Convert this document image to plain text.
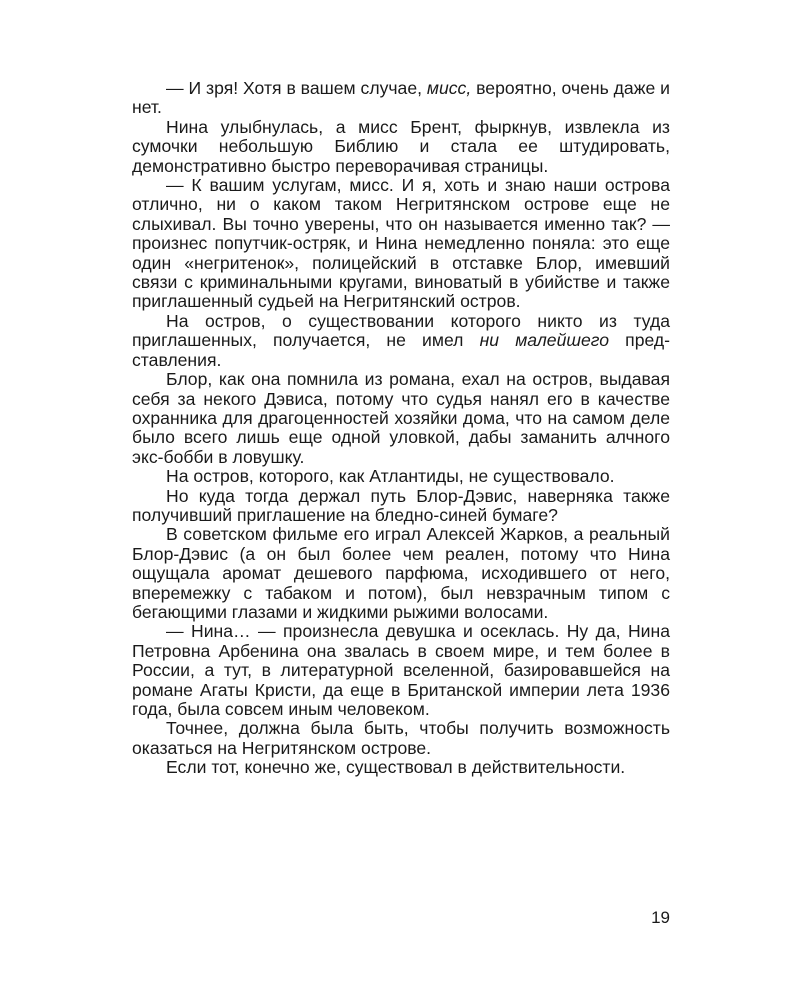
— И зря! Хотя в вашем случае, мисс, вероятно, очень даже и нет.

Нина улыбнулась, а мисс Брент, фыркнув, извлекла из сумочки небольшую Библию и стала ее штудировать, демонстративно быстро переворачивая страницы.

— К вашим услугам, мисс. И я, хоть и знаю наши острова отлично, ни о каком таком Негритянском острове еще не слыхивал. Вы точно уверены, что он называется именно так? — произнес попутчик-остряк, и Нина немедленно поняла: это еще один «негритенок», полицейский в отставке Блор, имевший связи с криминальными кругами, виноватый в убийстве и также приглашенный судьей на Негритянский остров.

На остров, о существовании которого никто из туда приглашенных, получается, не имел ни малейшего представления.

Блор, как она помнила из романа, ехал на остров, выдавая себя за некого Дэвиса, потому что судья нанял его в качестве охранника для драгоценностей хозяйки дома, что на самом деле было всего лишь еще одной уловкой, дабы заманить алчного экс-бобби в ловушку.

На остров, которого, как Атлантиды, не существовало.

Но куда тогда держал путь Блор-Дэвис, наверняка также получивший приглашение на бледно-синей бумаге?

В советском фильме его играл Алексей Жарков, а реальный Блор-Дэвис (а он был более чем реален, потому что Нина ощущала аромат дешевого парфюма, исходившего от него, вперемежку с табаком и потом), был невзрачным типом с бегающими глазами и жидкими рыжими волосами.

— Нина… — произнесла девушка и осеклась. Ну да, Нина Петровна Арбенина она звалась в своем мире, и тем более в России, а тут, в литературной вселенной, базировавшейся на романе Агаты Кристи, да еще в Британской империи лета 1936 года, была совсем иным человеком.

Точнее, должна была быть, чтобы получить возможность оказаться на Негритянском острове.

Если тот, конечно же, существовал в действительности.

19
